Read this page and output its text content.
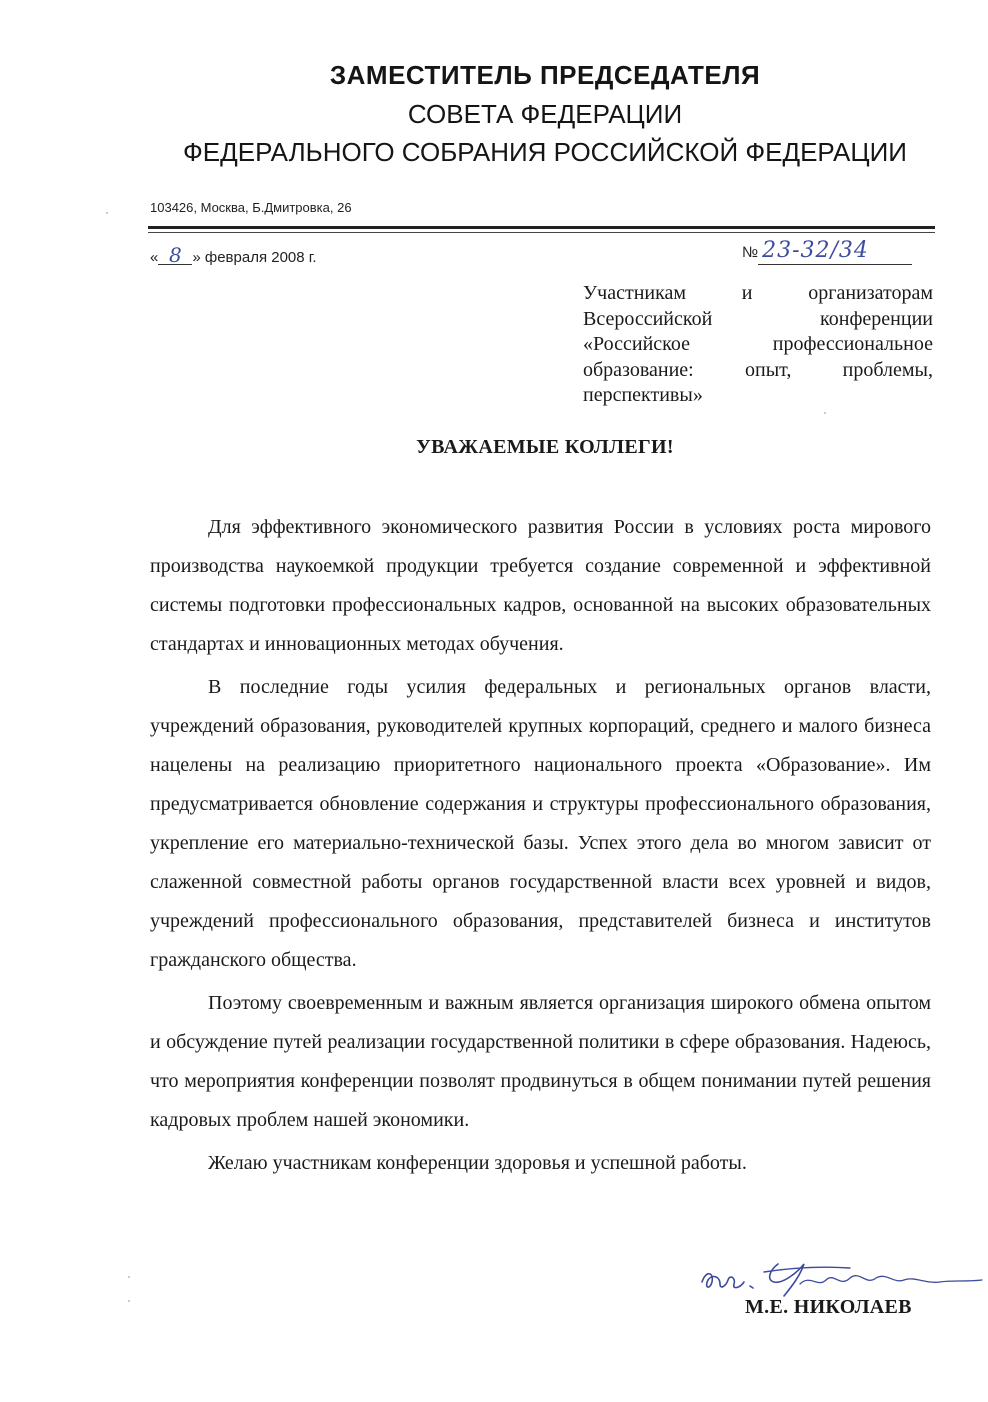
ЗАМЕСТИТЕЛЬ ПРЕДСЕДАТЕЛЯ
СОВЕТА ФЕДЕРАЦИИ
ФЕДЕРАЛЬНОГО СОБРАНИЯ РОССИЙСКОЙ ФЕДЕРАЦИИ
103426, Москва, Б.Дмитровка, 26
« 8 » февраля 2008 г.	№ 23-32/34

Участникам и организаторам Всероссийской конференции «Российское профессиональное образование: опыт, проблемы,

перспективы»

УВАЖАЕМЫЕ КОЛЛЕГИ!

Для эффективного экономического развития России в условиях роста мирового производства наукоемкой продукции требуется создание современной и эффективной системы подготовки профессиональных кадров, основанной на высоких образовательных стандартах и инновационных методах обучения.

В последние годы усилия федеральных и региональных органов власти, учреждений образования, руководителей крупных корпораций, среднего и малого бизнеса нацелены на реализацию приоритетного национального проекта «Образование». Им предусматривается обновление содержания и структуры профессионального образования, укрепление его материально-технической базы. Успех этого дела во многом зависит от слаженной совместной работы органов государственной власти всех уровней и видов, учреждений профессионального образования, представителей бизнеса и институтов гражданского общества.

Поэтому своевременным и важным является организация широкого обмена опытом и обсуждение путей реализации государственной политики в сфере образования. Надеюсь, что мероприятия конференции позволят продвинуться в общем понимании путей решения кадровых проблем нашей экономики.

Желаю участникам конференции здоровья и успешной работы.

М.Е. НИКОЛАЕВ
